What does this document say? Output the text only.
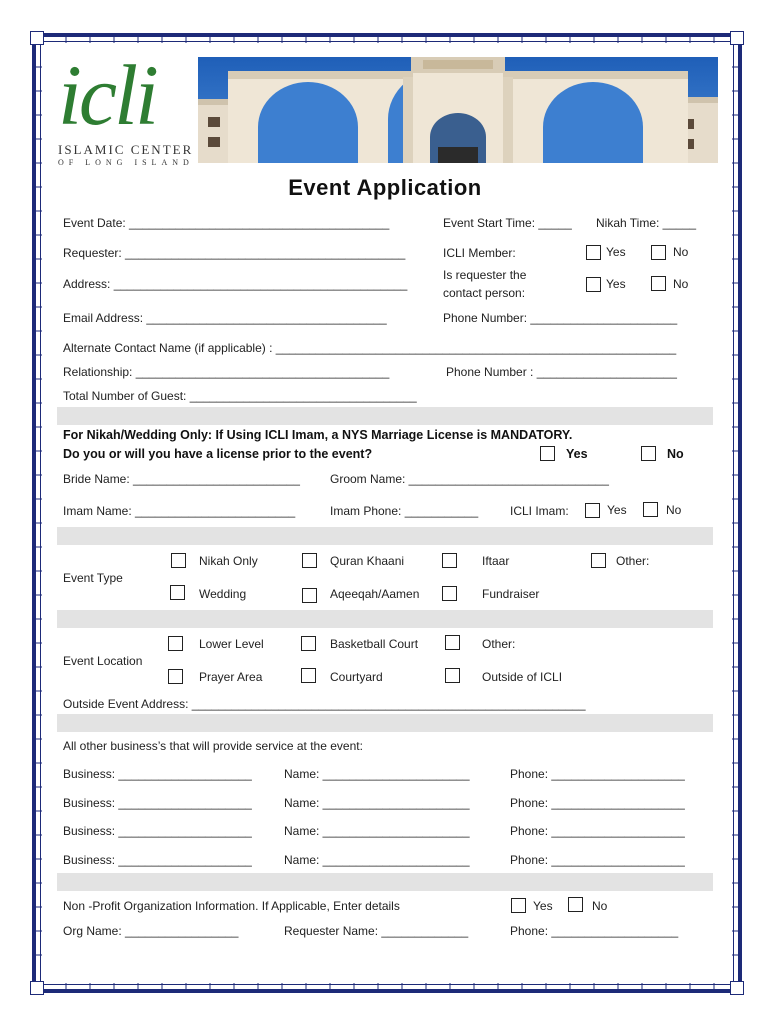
icli
ISLAMIC CENTER
OF LONG ISLAND
Event Application
Event Date: _______________________________________	Event Start Time: _____ Nikah Time: _____
Requester: __________________________________________	ICLI Member:	Yes	No
Address: ____________________________________________
Is requester the
contact person:
Yes	No
Email Address: ____________________________________	Phone Number: ______________________
Alternate Contact Name (if applicable) : ____________________________________________________________
Relationship: ______________________________________	Phone Number : _____________________
Total Number of Guest: __________________________________
For Nikah/Wedding Only: If Using ICLI Imam, a NYS Marriage License is MANDATORY.
Do you or will you have a license prior to the event?	Yes	No
Bride Name: _________________________	Groom Name: ______________________________
Imam Name: ________________________	Imam Phone: ___________	ICLI Imam:	Yes	No
Event Type
Nikah Only	Quran Khaani	Iftaar	Other:
Wedding	Aqeeqah/Aamen	Fundraiser
Event Location
Lower Level	Basketball Court	Other:
Prayer Area	Courtyard	Outside of ICLI
Outside Event Address: ___________________________________________________________
All other business’s that will provide service at the event:
Business: ____________________	Name: ______________________	Phone: ____________________
Business: ____________________	Name: ______________________	Phone: ____________________
Business: ____________________	Name: ______________________	Phone: ____________________
Business: ____________________	Name: ______________________	Phone: ____________________
Non -Profit Organization Information. If Applicable, Enter details	Yes	No
Org Name: _________________	Requester Name: _____________	Phone: ___________________
